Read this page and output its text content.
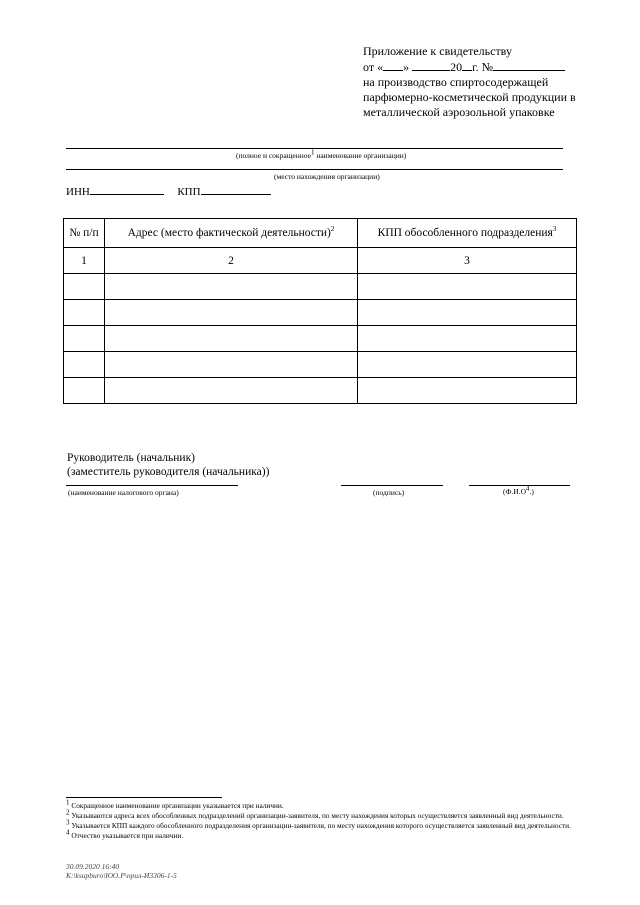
Приложение к свидетельству
от « »	20 г. №
на производство спиртосодержащей
парфюмерно-косметической продукции в
металлической аэрозольной упаковке
(полное и сокращенное$^1$ наименование организации)
(место нахождения организации)
ИНН	КПП
№ п/п	Адрес (место фактической деятельности)$^2$	КПП обособленного подразделения$^3$
1	2	3

Руководитель (начальник)
(заместитель руководителя (начальника))
(наименование налогового органа)	(подпись)	$(Ф.И.О^4.)$
$^1$ Сокращенное наименование организации указывается при наличии.
$^2$ Указываются адреса всех обособленных подразделений организации-заявителя, по месту нахождения которых осуществляется заявленный вид деятельности.
$^3$ Указывается КПП каждого обособленного подразделения организации-заявителя, по месту нахождения которого осуществляется заявленный вид деятельности.
$^4$ Отчество указывается при наличии.
30.09.2020 16:40
К:\ksupburo\ЮО.Р\прил-И3306-1-5
